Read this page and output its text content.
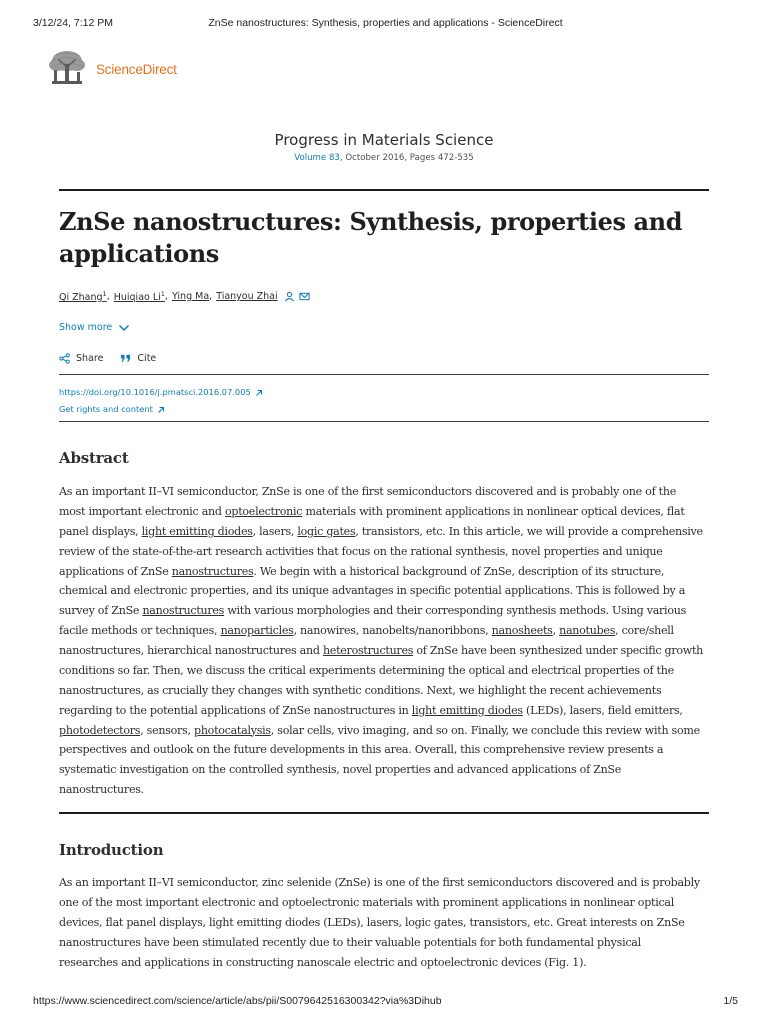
3/12/24, 7:12 PM	ZnSe nanostructures: Synthesis, properties and applications - ScienceDirect
ScienceDirect
Progress in Materials Science
Volume 83, October 2016, Pages 472-535
ZnSe nanostructures: Synthesis, properties and
applications
Qi Zhang$^1$ , Huiqiao Li$^1$ , Ying Ma , Tianyou Zhai
Show more
Share	Cite
https://doi.org/10.1016/j.pmatsci.2016.07.005
Get rights and content
Abstract
As an important II–VI semiconductor, ZnSe is one of the first semiconductors discovered and is probably one of the
most important electronic and optoelectronic materials with prominent applications in nonlinear optical devices, flat
panel displays, light emitting diodes, lasers, logic gates, transistors, etc. In this article, we will provide a comprehensive
review of the state-of-the-art research activities that focus on the rational synthesis, novel properties and unique
applications of ZnSe nanostructures. We begin with a historical background of ZnSe, description of its structure,
chemical and electronic properties, and its unique advantages in specific potential applications. This is followed by a
survey of ZnSe nanostructures with various morphologies and their corresponding synthesis methods. Using various
facile methods or techniques, nanoparticles, nanowires, nanobelts/nanoribbons, nanosheets, nanotubes, core/shell
nanostructures, hierarchical nanostructures and heterostructures of ZnSe have been synthesized under specific growth
conditions so far. Then, we discuss the critical experiments determining the optical and electrical properties of the
nanostructures, as crucially they changes with synthetic conditions. Next, we highlight the recent achievements
regarding to the potential applications of ZnSe nanostructures in light emitting diodes (LEDs), lasers, field emitters,
photodetectors, sensors, photocatalysis, solar cells, vivo imaging, and so on. Finally, we conclude this review with some
perspectives and outlook on the future developments in this area. Overall, this comprehensive review presents a
systematic investigation on the controlled synthesis, novel properties and advanced applications of ZnSe
nanostructures.
Introduction
As an important II–VI semiconductor, zinc selenide (ZnSe) is one of the first semiconductors discovered and is probably
one of the most important electronic and optoelectronic materials with prominent applications in nonlinear optical
devices, flat panel displays, light emitting diodes (LEDs), lasers, logic gates, transistors, etc. Great interests on ZnSe
nanostructures have been stimulated recently due to their valuable potentials for both fundamental physical
researches and applications in constructing nanoscale electric and optoelectronic devices (Fig. 1).
https://www.sciencedirect.com/science/article/abs/pii/S0079642516300342?via%3Dihub	1/5
